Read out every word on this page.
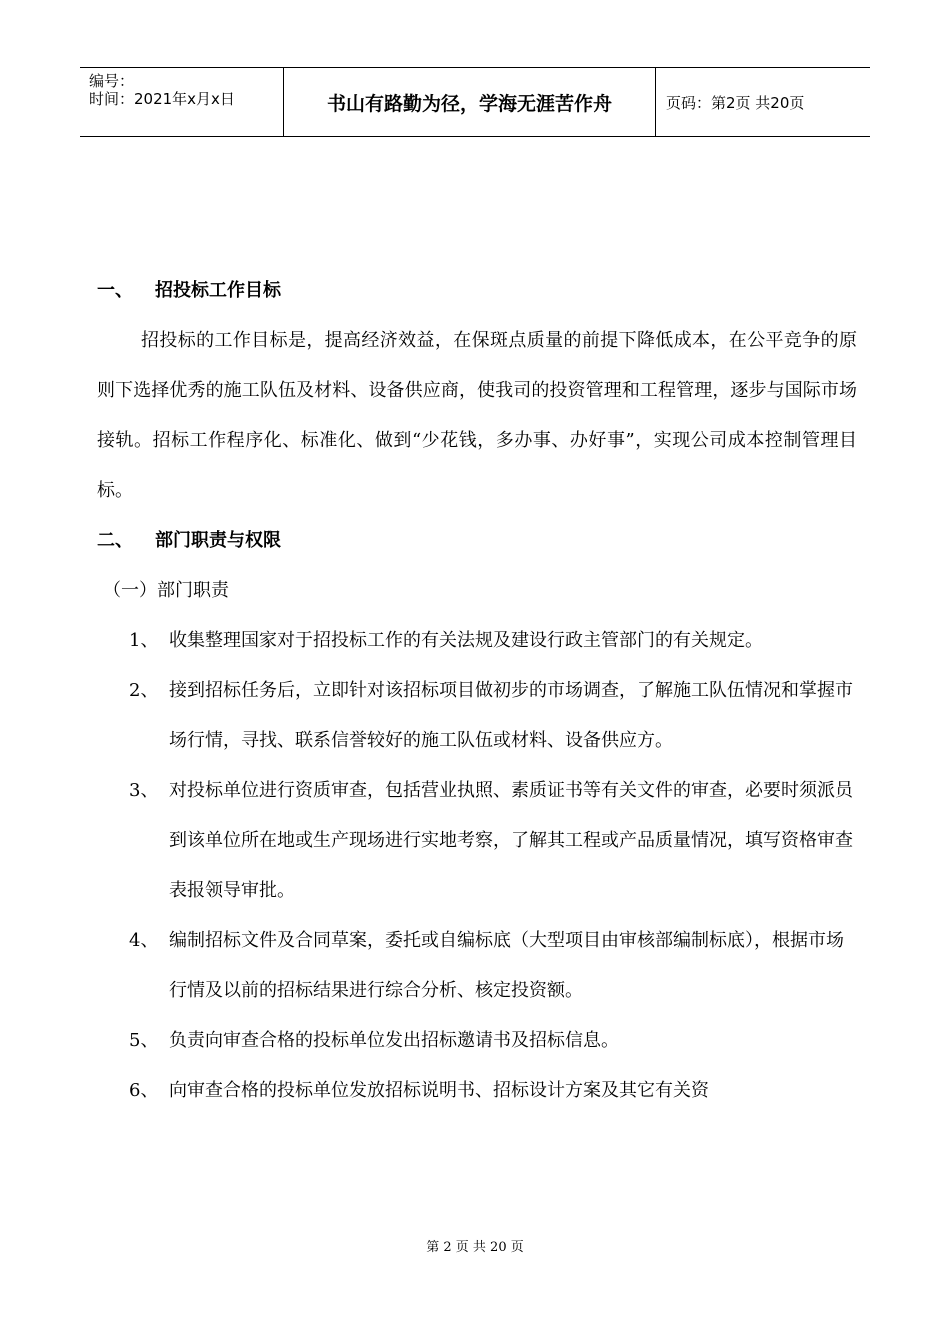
编号：
时间：2021年x月x日	书山有路勤为径，学海无涯苦作舟	页码：第2页 共20页

一、 招投标工作目标

招投标的工作目标是，提高经济效益，在保斑点质量的前提下降低成本，在公平竞争的原则下选择优秀的施工队伍及材料、设备供应商，使我司的投资管理和工程管理，逐步与国际市场接轨。招标工作程序化、标准化、做到“少花钱，多办事、办好事”，实现公司成本控制管理目标。

二、 部门职责与权限

（一）部门职责

1、 收集整理国家对于招投标工作的有关法规及建设行政主管部门的有关规定。
2、 接到招标任务后，立即针对该招标项目做初步的市场调查，了解施工队伍情况和掌握市场行情，寻找、联系信誉较好的施工队伍或材料、设备供应方。
3、 对投标单位进行资质审查，包括营业执照、素质证书等有关文件的审查，必要时须派员到该单位所在地或生产现场进行实地考察，了解其工程或产品质量情况，填写资格审查表报领导审批。
4、 编制招标文件及合同草案，委托或自编标底（大型项目由审核部编制标底），根据市场行情及以前的招标结果进行综合分析、核定投资额。
5、 负责向审查合格的投标单位发出招标邀请书及招标信息。
6、 向审查合格的投标单位发放招标说明书、招标设计方案及其它有关资
第 2 页 共 20 页
